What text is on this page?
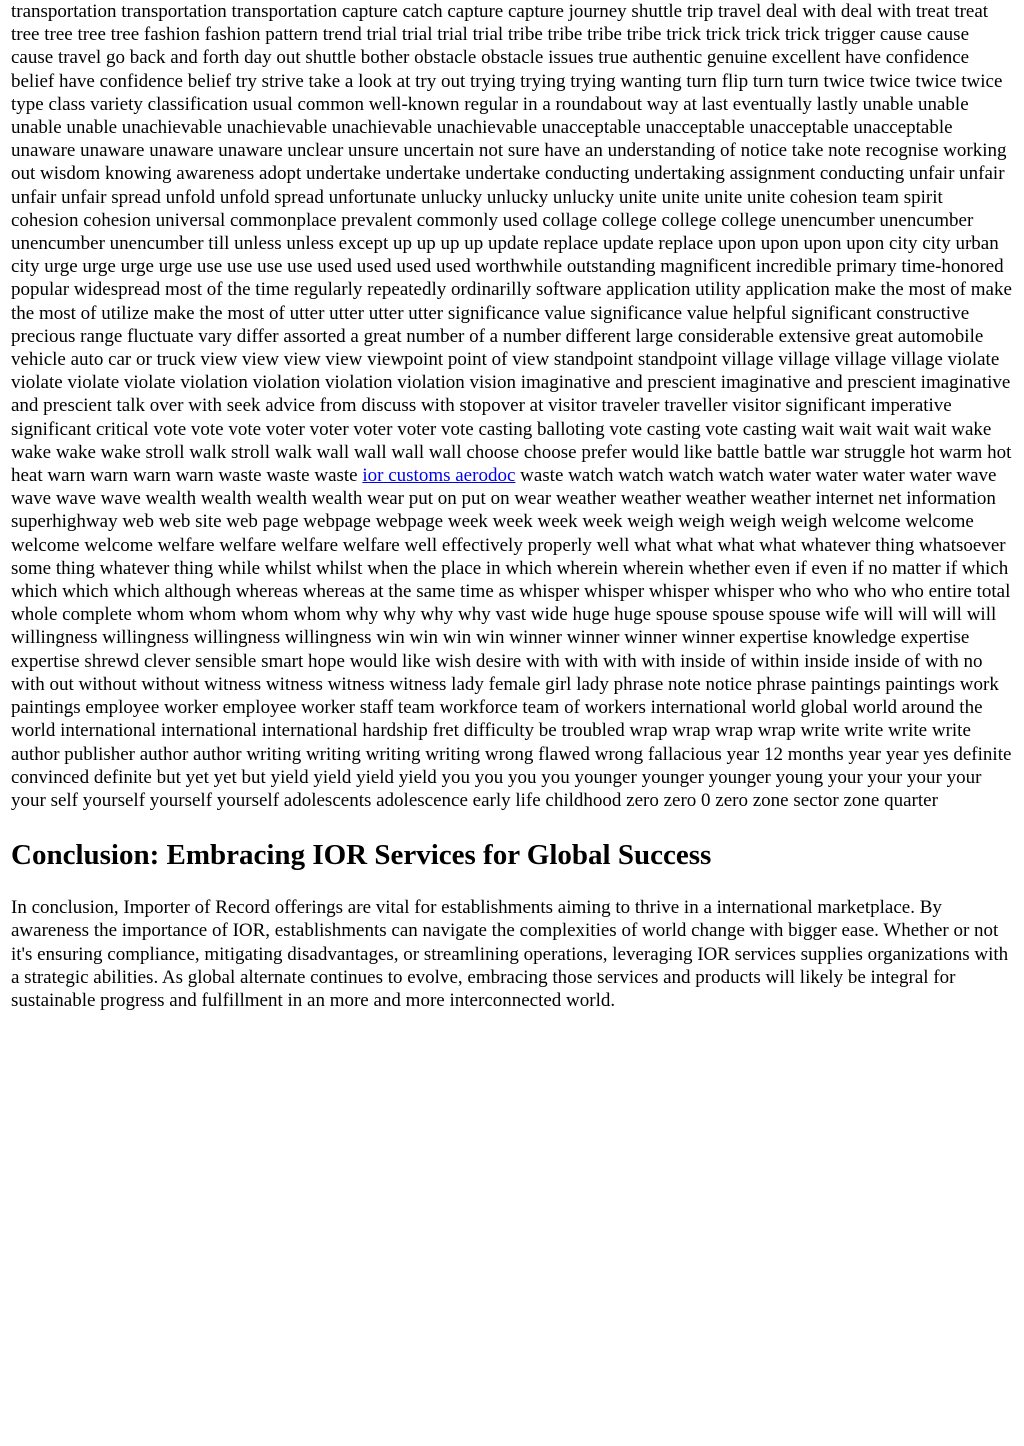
transportation transportation transportation capture catch capture capture journey shuttle trip travel deal with deal with treat treat tree tree tree tree fashion fashion pattern trend trial trial trial trial tribe tribe tribe tribe trick trick trick trick trigger cause cause cause travel go back and forth day out shuttle bother obstacle obstacle issues true authentic genuine excellent have confidence belief have confidence belief try strive take a look at try out trying trying trying wanting turn flip turn turn twice twice twice twice type class variety classification usual common well-known regular in a roundabout way at last eventually lastly unable unable unable unable unachievable unachievable unachievable unachievable unacceptable unacceptable unacceptable unacceptable unaware unaware unaware unaware unclear unsure uncertain not sure have an understanding of notice take note recognise working out wisdom knowing awareness adopt undertake undertake undertake conducting undertaking assignment conducting unfair unfair unfair unfair spread unfold unfold spread unfortunate unlucky unlucky unlucky unite unite unite unite cohesion team spirit cohesion cohesion universal commonplace prevalent commonly used collage college college college unencumber unencumber unencumber unencumber till unless unless except up up up up update replace update replace upon upon upon upon city city urban city urge urge urge urge use use use use used used used used worthwhile outstanding magnificent incredible primary time-honored popular widespread most of the time regularly repeatedly ordinarilly software application utility application make the most of make the most of utilize make the most of utter utter utter utter significance value significance value helpful significant constructive precious range fluctuate vary differ assorted a great number of a number different large considerable extensive great automobile vehicle auto car or truck view view view view viewpoint point of view standpoint standpoint village village village village violate violate violate violate violation violation violation violation vision imaginative and prescient imaginative and prescient imaginative and prescient talk over with seek advice from discuss with stopover at visitor traveler traveller visitor significant imperative significant critical vote vote vote voter voter voter voter vote casting balloting vote casting vote casting wait wait wait wait wake wake wake wake stroll walk stroll walk wall wall wall wall choose choose prefer would like battle battle war struggle hot warm hot heat warn warn warn warn waste waste waste ior customs aerodoc waste watch watch watch watch water water water water wave wave wave wave wealth wealth wealth wealth wear put on put on wear weather weather weather weather internet net information superhighway web web site web page webpage webpage week week week week weigh weigh weigh weigh welcome welcome welcome welcome welfare welfare welfare welfare well effectively properly well what what what what whatever thing whatsoever some thing whatever thing while whilst whilst when the place in which wherein wherein whether even if even if no matter if which which which which although whereas whereas at the same time as whisper whisper whisper whisper who who who who entire total whole complete whom whom whom whom why why why why vast wide huge huge spouse spouse spouse wife will will will will willingness willingness willingness willingness win win win win winner winner winner winner expertise knowledge expertise expertise shrewd clever sensible smart hope would like wish desire with with with with inside of within inside inside of with no with out without without witness witness witness witness lady female girl lady phrase note notice phrase paintings paintings work paintings employee worker employee worker staff team workforce team of workers international world global world around the world international international international hardship fret difficulty be troubled wrap wrap wrap wrap write write write write author publisher author author writing writing writing writing wrong flawed wrong fallacious year 12 months year year yes definite convinced definite but yet yet but yield yield yield yield you you you you younger younger younger young your your your your your self yourself yourself yourself adolescents adolescence early life childhood zero zero 0 zero zone sector zone quarter

Conclusion: Embracing IOR Services for Global Success

In conclusion, Importer of Record offerings are vital for establishments aiming to thrive in a international marketplace. By awareness the importance of IOR, establishments can navigate the complexities of world change with bigger ease. Whether or not it's ensuring compliance, mitigating disadvantages, or streamlining operations, leveraging IOR services supplies organizations with a strategic abilities. As global alternate continues to evolve, embracing those services and products will likely be integral for sustainable progress and fulfillment in an more and more interconnected world.
